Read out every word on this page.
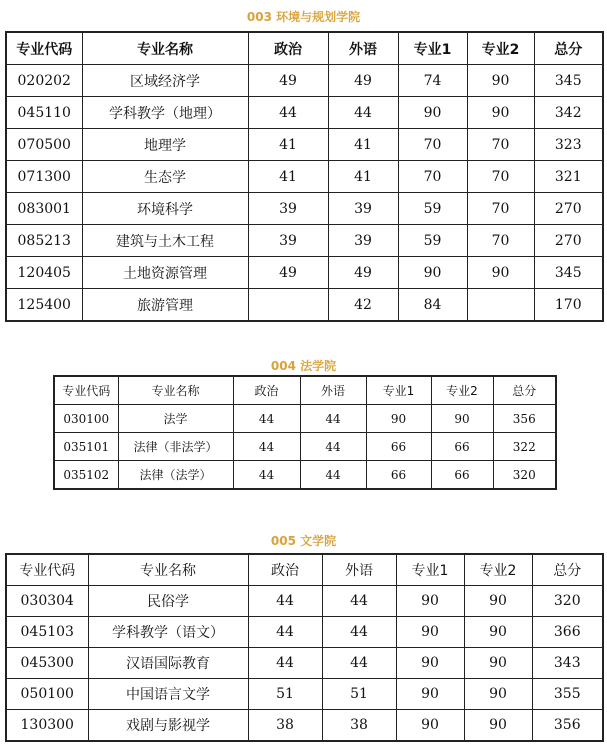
003 环境与规划学院
专业代码	专业名称	政治	外语	专业1	专业2	总分
020202	区域经济学	49	49	74	90	345
045110	学科教学（地理）	44	44	90	90	342
070500	地理学	41	41	70	70	323
071300	生态学	41	41	70	70	321
083001	环境科学	39	39	59	70	270
085213	建筑与土木工程	39	39	59	70	270
120405	土地资源管理	49	49	90	90	345
125400	旅游管理		42	84		170
004 法学院
专业代码	专业名称	政治	外语	专业1	专业2	总分
030100	法学	44	44	90	90	356
035101	法律（非法学）	44	44	66	66	322
035102	法律（法学）	44	44	66	66	320
005 文学院
专业代码	专业名称	政治	外语	专业1	专业2	总分
030304	民俗学	44	44	90	90	320
045103	学科教学（语文）	44	44	90	90	366
045300	汉语国际教育	44	44	90	90	343
050100	中国语言文学	51	51	90	90	355
130300	戏剧与影视学	38	38	90	90	356
